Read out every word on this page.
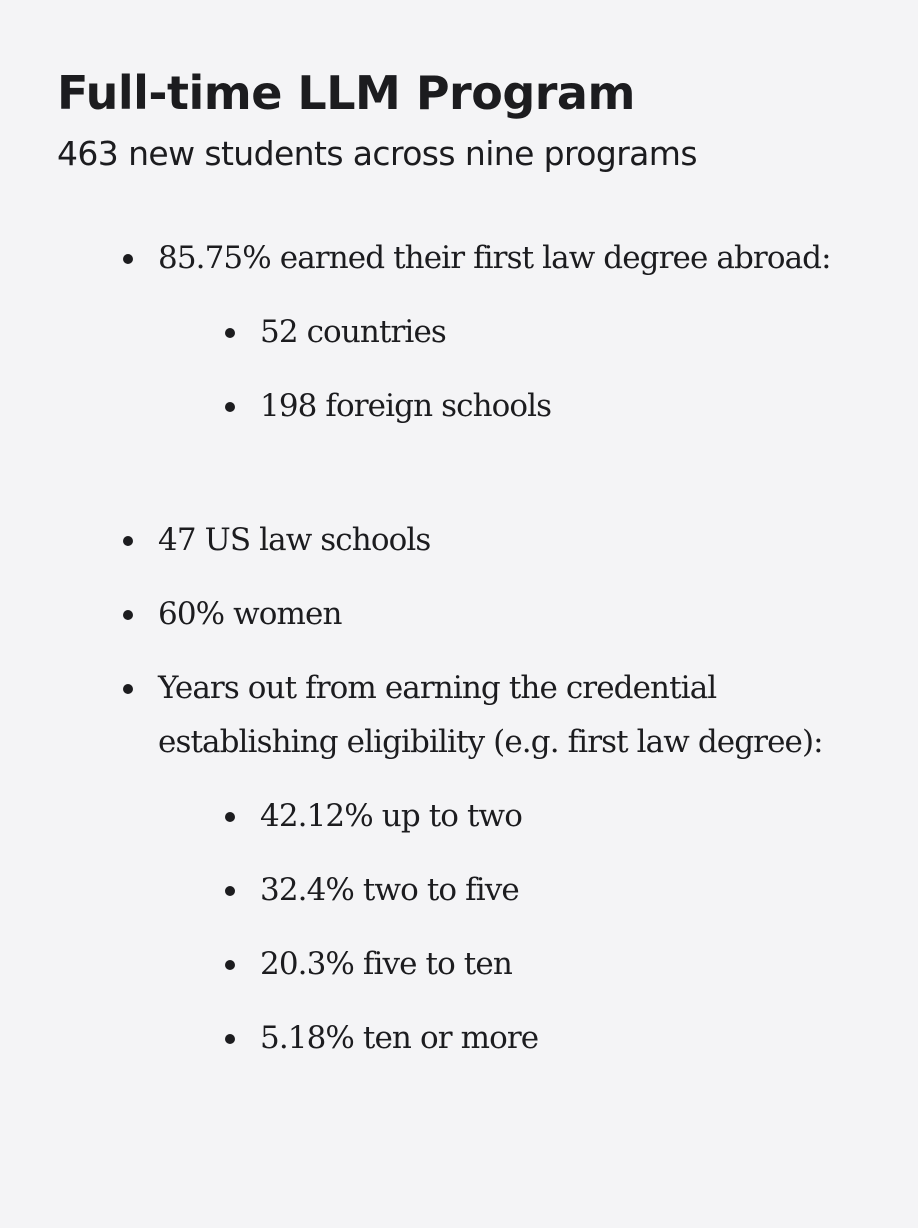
Full-time LLM Program

463 new students across nine programs

85.75% earned their first law degree abroad:
52 countries
198 foreign schools
47 US law schools
60% women
Years out from earning the credential establishing eligibility (e.g. first law degree):
42.12% up to two
32.4% two to five
20.3% five to ten
5.18% ten or more
